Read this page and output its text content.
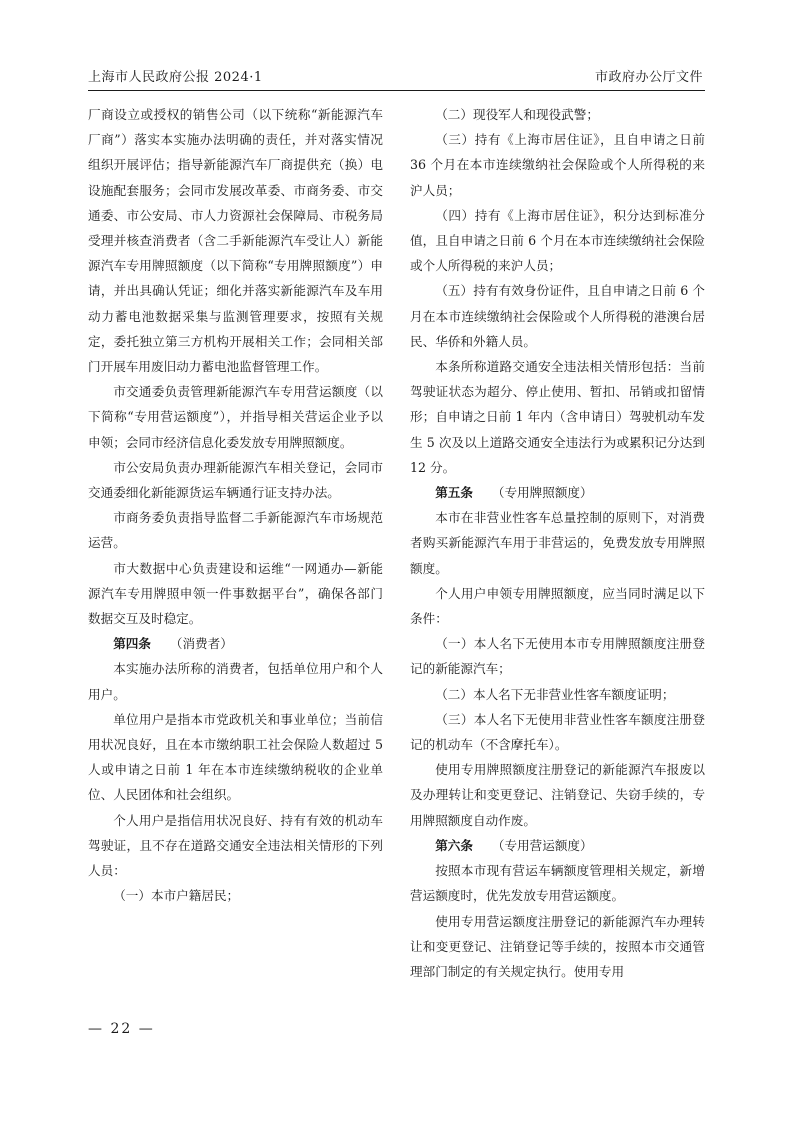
上海市人民政府公报 2024·1	市政府办公厅文件

厂商设立或授权的销售公司（以下统称“新能源汽车厂商”）落实本实施办法明确的责任，并对落实情况组织开展评估；指导新能源汽车厂商提供充（换）电设施配套服务；会同市发展改革委、市商务委、市交通委、市公安局、市人力资源社会保障局、市税务局受理并核查消费者（含二手新能源汽车受让人）新能源汽车专用牌照额度（以下简称“专用牌照额度”）申请，并出具确认凭证；细化并落实新能源汽车及车用动力蓄电池数据采集与监测管理要求，按照有关规定，委托独立第三方机构开展相关工作；会同相关部门开展车用废旧动力蓄电池监督管理工作。

市交通委负责管理新能源汽车专用营运额度（以下简称“专用营运额度”），并指导相关营运企业予以申领；会同市经济信息化委发放专用牌照额度。

市公安局负责办理新能源汽车相关登记，会同市交通委细化新能源货运车辆通行证支持办法。

市商务委负责指导监督二手新能源汽车市场规范运营。

市大数据中心负责建设和运维“一网通办—新能源汽车专用牌照申领一件事数据平台”，确保各部门数据交互及时稳定。

第四条　　 （消费者）

本实施办法所称的消费者，包括单位用户和个人用户。

单位用户是指本市党政机关和事业单位；当前信用状况良好，且在本市缴纳职工社会保险人数超过 5 人或申请之日前 1 年在本市连续缴纳税收的企业单位、人民团体和社会组织。

个人用户是指信用状况良好、持有有效的机动车驾驶证，且不存在道路交通安全违法相关情形的下列人员：

（一）本市户籍居民；

（二）现役军人和现役武警；

（三）持有《上海市居住证》，且自申请之日前 36 个月在本市连续缴纳社会保险或个人所得税的来沪人员；

（四）持有《上海市居住证》，积分达到标准分值，且自申请之日前 6 个月在本市连续缴纳社会保险或个人所得税的来沪人员；

（五）持有有效身份证件，且自申请之日前 6 个月在本市连续缴纳社会保险或个人所得税的港澳台居民、华侨和外籍人员。

本条所称道路交通安全违法相关情形包括：当前驾驶证状态为超分、停止使用、暂扣、吊销或扣留情形；自申请之日前 1 年内（含申请日）驾驶机动车发生 5 次及以上道路交通安全违法行为或累积记分达到 12 分。

第五条　　 （专用牌照额度）

本市在非营业性客车总量控制的原则下，对消费者购买新能源汽车用于非营运的，免费发放专用牌照额度。

个人用户申领专用牌照额度，应当同时满足以下条件：

（一）本人名下无使用本市专用牌照额度注册登记的新能源汽车；

（二）本人名下无非营业性客车额度证明；

（三）本人名下无使用非营业性客车额度注册登记的机动车（不含摩托车）。

使用专用牌照额度注册登记的新能源汽车报废以及办理转让和变更登记、注销登记、失窃手续的，专用牌照额度自动作废。

第六条　　 （专用营运额度）

按照本市现有营运车辆额度管理相关规定，新增营运额度时，优先发放专用营运额度。

使用专用营运额度注册登记的新能源汽车办理转让和变更登记、注销登记等手续的，按照本市交通管理部门制定的有关规定执行。使用专用

— 22 —
